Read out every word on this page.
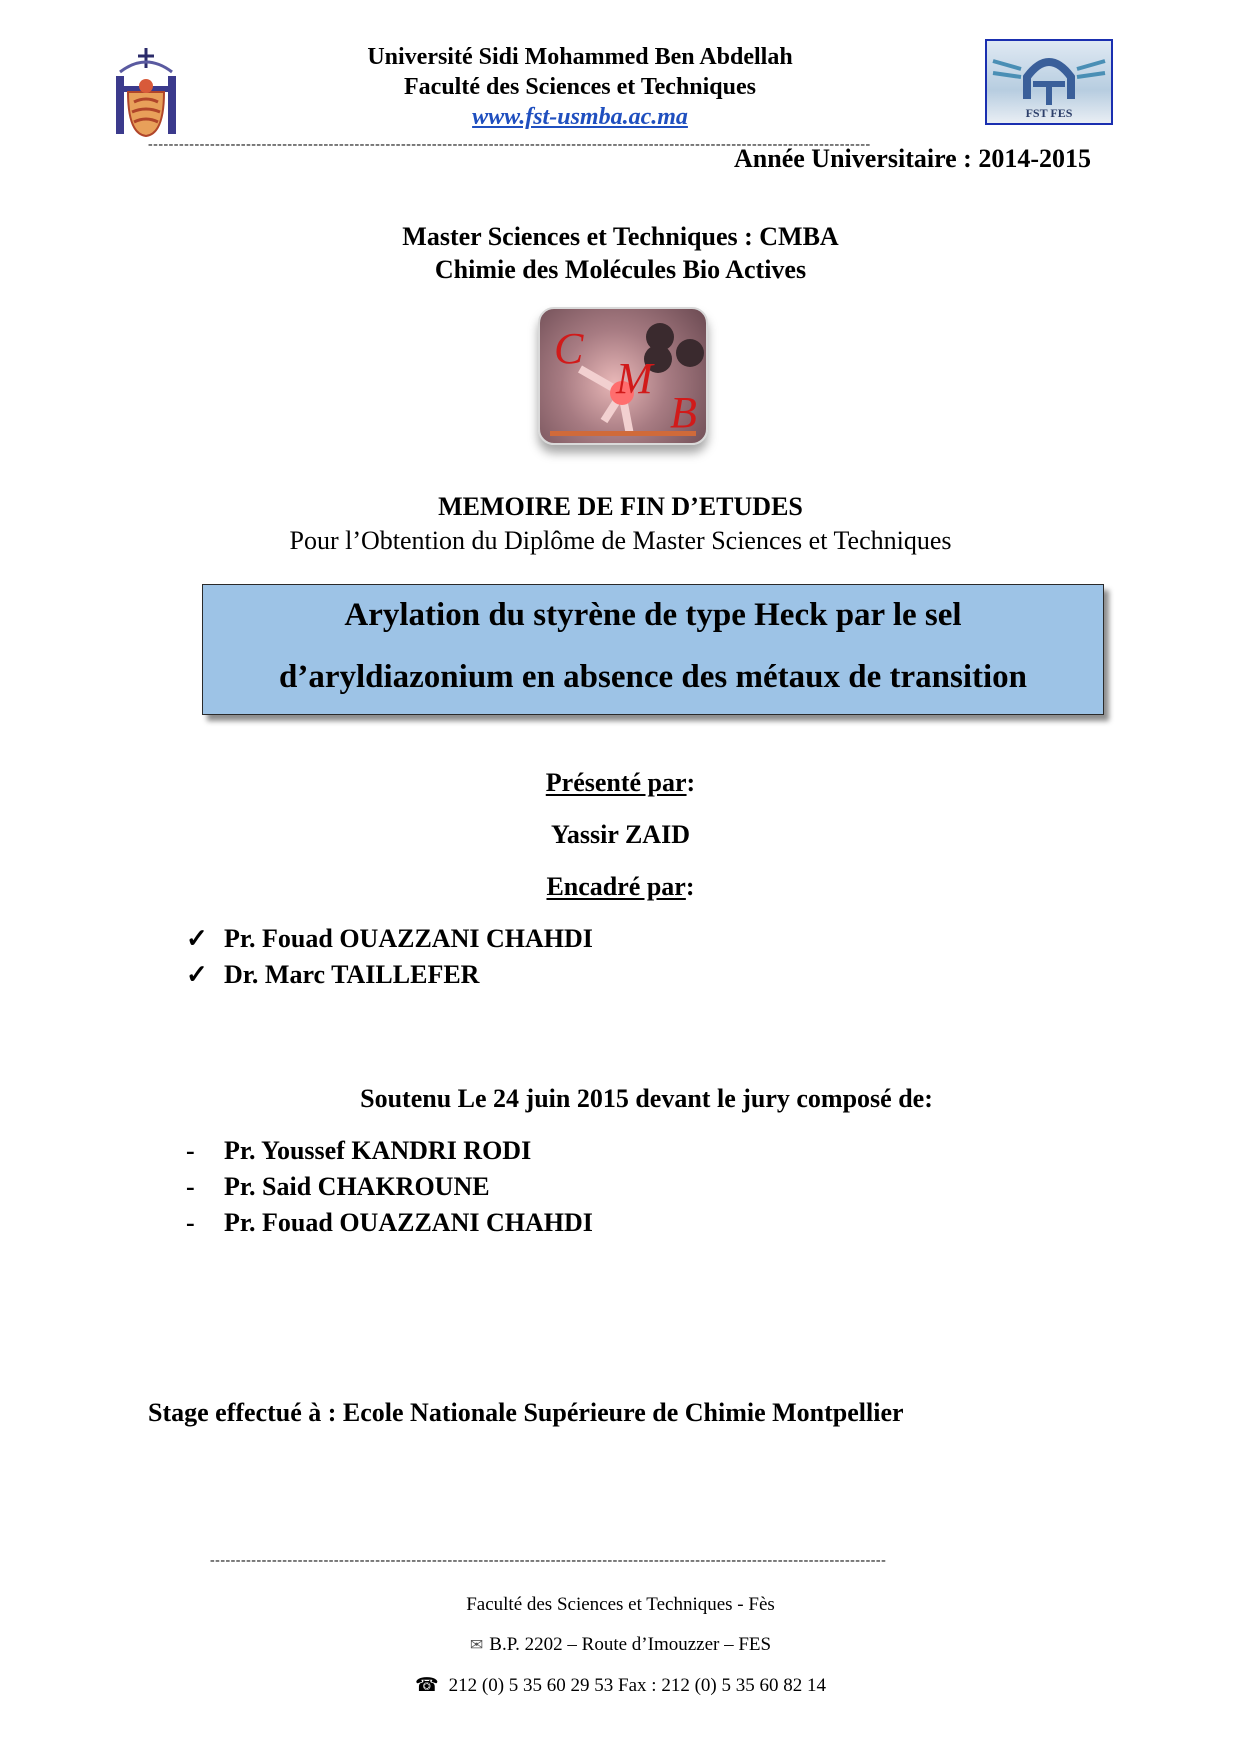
Université Sidi Mohammed Ben Abdellah
Faculté des Sciences et Techniques
www.fst-usmba.ac.ma	FST FES
--------------------------------------------------------------------------------------------------------------------------------------------
Année Universitaire : 2014-2015
Master Sciences et Techniques : CMBA
Chimie des Molécules Bio Actives
C
M
B
MEMOIRE DE FIN D’ETUDES
Pour l’Obtention du Diplôme de Master Sciences et Techniques
Arylation du styrène de type Heck par le sel
d’aryldiazonium en absence des métaux de transition
Présenté par:
Yassir ZAID
Encadré par:
✓ Pr. Fouad OUAZZANI CHAHDI
✓ Dr. Marc TAILLEFER
Soutenu Le 24 juin 2015 devant le jury composé de:
- Pr. Youssef KANDRI RODI
- Pr. Said CHAKROUNE
- Pr. Fouad OUAZZANI CHAHDI
Stage effectué à : Ecole Nationale Supérieure de Chimie Montpellier
-----------------------------------------------------------------------------------------------------------------------------------
Faculté des Sciences et Techniques - Fès
✉ B.P. 2202 – Route d’Imouzzer – FES
☎ 212 (0) 5 35 60 29 53 Fax : 212 (0) 5 35 60 82 14
